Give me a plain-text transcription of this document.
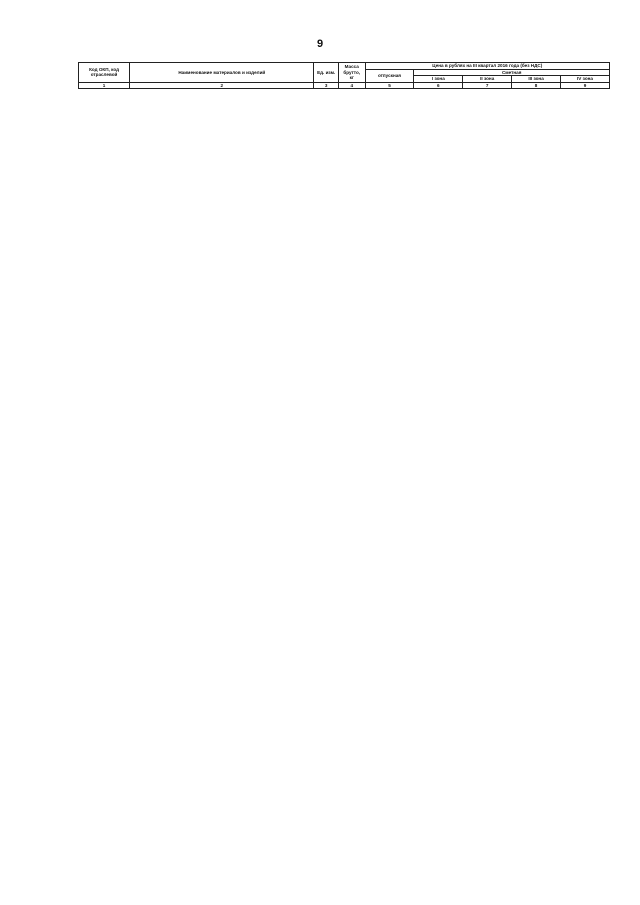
9
Код ОКП, код отраслевой	Наименование материалов и изделий	Ед. изм.	Масса брутто, кг	Цена в рублях на III квартал 2016 года (без НДС)				
				отпускная	Сметная			
					I зона	II зона	III зона	IV зона
1	2	3	4	5	6	7	8	9
